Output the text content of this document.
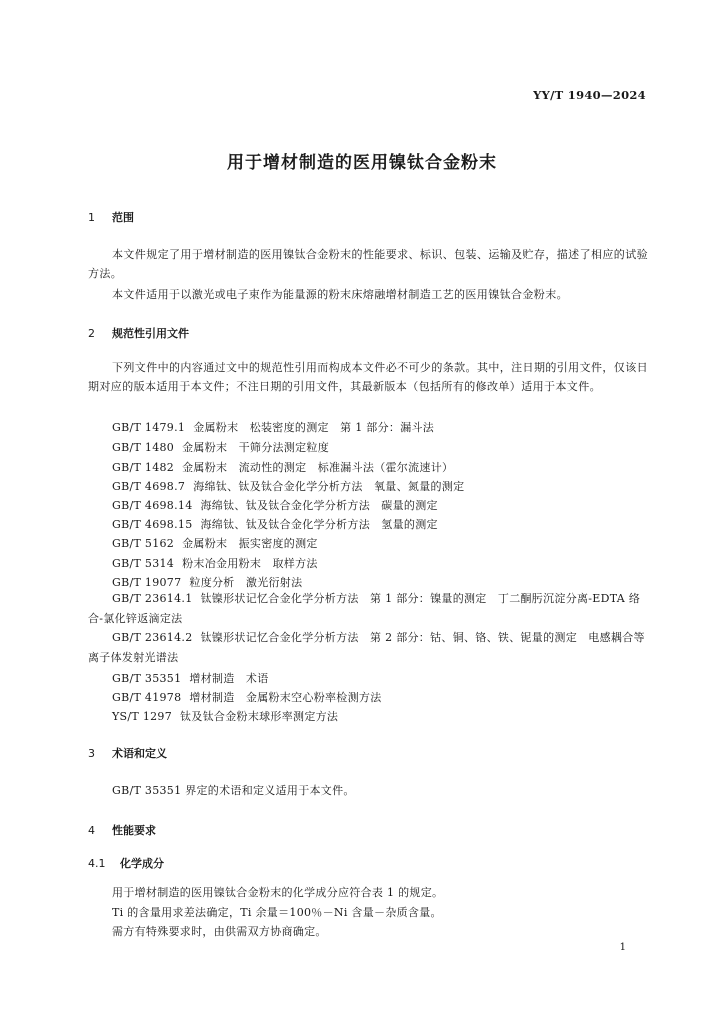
YY/T 1940—2024
用于增材制造的医用镍钛合金粉末
1 范围
本文件规定了用于增材制造的医用镍钛合金粉末的性能要求、标识、包装、运输及贮存，描述了相应的试验方法。
本文件适用于以激光或电子束作为能量源的粉末床熔融增材制造工艺的医用镍钛合金粉末。
2 规范性引用文件
下列文件中的内容通过文中的规范性引用而构成本文件必不可少的条款。其中，注日期的引用文件，仅该日期对应的版本适用于本文件；不注日期的引用文件，其最新版本（包括所有的修改单）适用于本文件。
GB/T 1479.1 金属粉末　松装密度的测定　第 1 部分：漏斗法
GB/T 1480 金属粉末　干筛分法测定粒度
GB/T 1482 金属粉末　流动性的测定　标准漏斗法（霍尔流速计）
GB/T 4698.7 海绵钛、钛及钛合金化学分析方法　氧量、氮量的测定
GB/T 4698.14 海绵钛、钛及钛合金化学分析方法　碳量的测定
GB/T 4698.15 海绵钛、钛及钛合金化学分析方法　氢量的测定
GB/T 5162 金属粉末　振实密度的测定
GB/T 5314 粉末冶金用粉末　取样方法
GB/T 19077 粒度分析　激光衍射法
GB/T 23614.1 钛镍形状记忆合金化学分析方法　第 1 部分：镍量的测定　丁二酮肟沉淀分离-EDTA 络合-氯化锌返滴定法
GB/T 23614.2 钛镍形状记忆合金化学分析方法　第 2 部分：钴、铜、铬、铁、铌量的测定　电感耦合等离子体发射光谱法
GB/T 35351 增材制造　术语
GB/T 41978 增材制造　金属粉末空心粉率检测方法
YS/T 1297 钛及钛合金粉末球形率测定方法
3 术语和定义
GB/T 35351 界定的术语和定义适用于本文件。
4 性能要求
4.1 化学成分
用于增材制造的医用镍钛合金粉末的化学成分应符合表 1 的规定。
Ti 的含量用求差法确定，Ti 余量＝100％－Ni 含量－杂质含量。
需方有特殊要求时，由供需双方协商确定。
1
